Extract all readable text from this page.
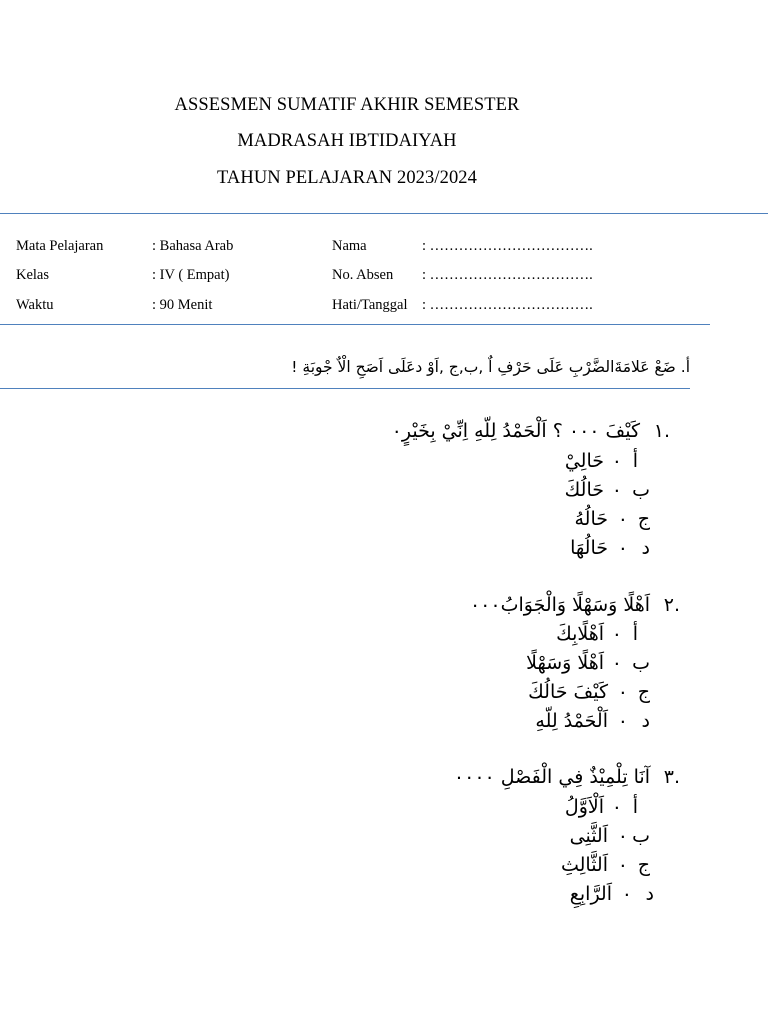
ASSESMEN SUMATIF AKHIR SEMESTER
MADRASAH IBTIDAIYAH
TAHUN PELAJARAN 2023/2024
Mata Pelajaran	: Bahasa Arab	Nama	: …………………………….
Kelas	: IV ( Empat)	No. Absen : …………………………….
Waktu	: 90 Menit	Hati/Tanggal : …………………………….
أ. ضَعْ عَلامَةَالضَّرْبِ عَلَى حَرْفِ اٌ ,ب,ج ,اَوْ دعَلَى اَصَحِ الْاٌ جْوبَةِ !
١.
كَيْفَ ٠٠٠ ؟ اَلْحَمْدُ لِلّهِ اِنِّيْ بِخَيْرٍ٠
أ
٠
حَالِيْ
ب
٠
حَالُكَ
ج
٠
حَالُهُ
د
٠
حَالُهَا
٢.
اَهْلًا وَسَهْلًا وَالْجَوَابُ٠٠٠
أ
٠
اَهْلًابِكَ
ب
٠
اَهْلًا وَسَهْلًا
ج
٠
كَيْفَ حَالُكَ
د
٠
اَلْحَمْدُ لِلّهِ
٣.
آنَا تِلْمِيْذٌ فِي الْفَصْلِ ٠٠٠٠
أ
٠
اَلْاَوَّلُ
ب
٠
اَلثَّنِى
ج
٠
اَلثَّالِثِ
د
٠
اَلرَّابِعِ
